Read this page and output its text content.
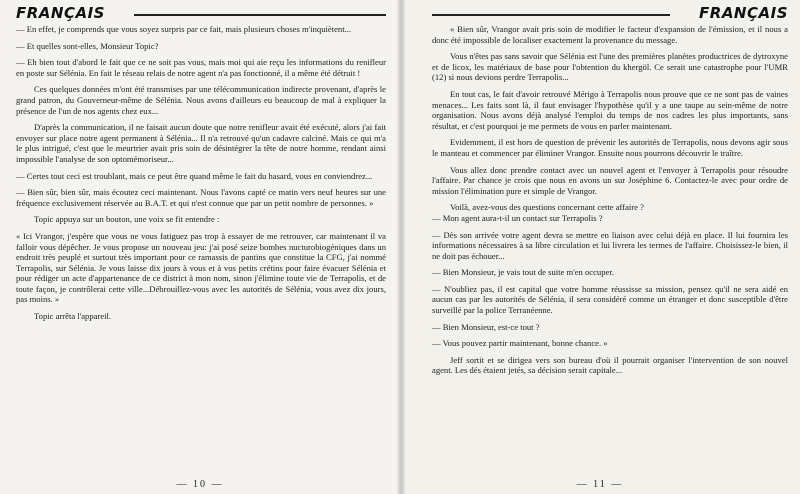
FRANÇAIS

— En effet, je comprends que vous soyez surpris par ce fait, mais plusieurs choses m'inquiètent...

— Et quelles sont-elles, Monsieur Topic?

— Eh bien tout d'abord le fait que ce ne soit pas vous, mais moi qui aie reçu les informations du renifleur en poste sur Sélénia. En fait le réseau relais de notre agent n'a pas fonctionné, il a même été détruit !

Ces quelques données m'ont été transmises par une télécommunication indirecte provenant, d'après le grand patron, du Gouverneur-même de Sélénia. Nous avons d'ailleurs eu beaucoup de mal à expliquer la présence de l'un de nos agents chez eux...

D'après la communication, il ne faisait aucun doute que notre renifleur avait été exécuté, alors j'ai fait envoyer sur place notre agent permanent à Sélénia... Il n'a retrouvé qu'un cadavre calciné. Mais ce qui m'a le plus intrigué, c'est que le meurtrier avait pris soin de désintégrer la tête de notre homme, rendant ainsi impossible l'analyse de son optomémoriseur...

— Certes tout ceci est troublant, mais ce peut être quand même le fait du hasard, vous en conviendrez...

— Bien sûr, bien sûr, mais écoutez ceci maintenant. Nous l'avons capté ce matin vers neuf heures sur une fréquence exclusivement réservée au B.A.T. et qui n'est connue que par un petit nombre de personnes. »

Topic appuya sur un bouton, une voix se fit entendre :

« Ici Vrangor, j'espère que vous ne vous fatiguez pas trop à essayer de me retrouver, car maintenant il va falloir vous dépêcher. Je vous propose un nouveau jeu: j'ai posé seize bombes nucturobiogéniques dans un endroit très peuplé et surtout très important pour ce ramassis de pantins que constitue la CFG, j'ai nommé Terrapolis, sur Sélénia. Je vous laisse dix jours à vous et à vos petits crétins pour faire évacuer Sélénia et pour rédiger un acte d'appartenance de ce district à mon nom, sinon j'élimine toute vie de Terrapolis, et de toute façon, je contrôlerai cette ville...Débrouillez-vous avec les autorités de Sélénia, vous avez dix jours, pas moins. »

Topic arrêta l'appareil.

— 10 —
FRANÇAIS

« Bien sûr, Vrangor avait pris soin de modifier le facteur d'expansion de l'émission, et il nous a donc été impossible de localiser exactement la provenance du message.

Vous n'êtes pas sans savoir que Sélénia est l'une des premières planètes productrices de dytroxyne et de licox, les matériaux de base pour l'obtention du khergöl. Ce serait une catastrophe pour l'UMR (12) si nous devions perdre Terrapolis...

En tout cas, le fait d'avoir retrouvé Mérigo à Terrapolis nous prouve que ce ne sont pas de vaines menaces... Les faits sont là, il faut envisager l'hypothèse qu'il y a une taupe au sein-même de notre organisation. Nous avons déjà analysé l'emploi du temps de nos cadres les plus importants, sans résultat, et c'est pourquoi je me permets de vous en parler maintenant.

Evidemment, il est hors de question de prévenir les autorités de Terrapolis, nous devons agir sous le manteau et commencer par éliminer Vrangor. Ensuite nous pourrons découvrir le traître.

Vous allez donc prendre contact avec un nouvel agent et l'envoyer à Terrapolis pour résoudre l'affaire. Par chance je crois que nous en avons un sur Joséphine 6. Contactez-le avec pour ordre de mission l'élimination pure et simple de Vrangor.

Voilà, avez-vous des questions concernant cette affaire ?

— Mon agent aura-t-il un contact sur Terrapolis ?

— Dès son arrivée votre agent devra se mettre en liaison avec celui déjà en place. Il lui fournira les informations nécessaires à sa libre circulation et lui livrera les termes de l'affaire. Choisissez-le bien, il ne doit pas échouer...

— Bien Monsieur, je vais tout de suite m'en occuper.

— N'oubliez pas, il est capital que votre homme réussisse sa mission, pensez qu'il ne sera aidé en aucun cas par les autorités de Sélénia, il sera considéré comme un étranger et donc susceptible d'être surveillé par la police Terranéenne.

— Bien Monsieur, est-ce tout ?

— Vous pouvez partir maintenant, bonne chance. »

Jeff sortit et se dirigea vers son bureau d'où il pourrait organiser l'intervention de son nouvel agent. Les dés étaient jetés, sa décision serait capitale...

— 11 —
